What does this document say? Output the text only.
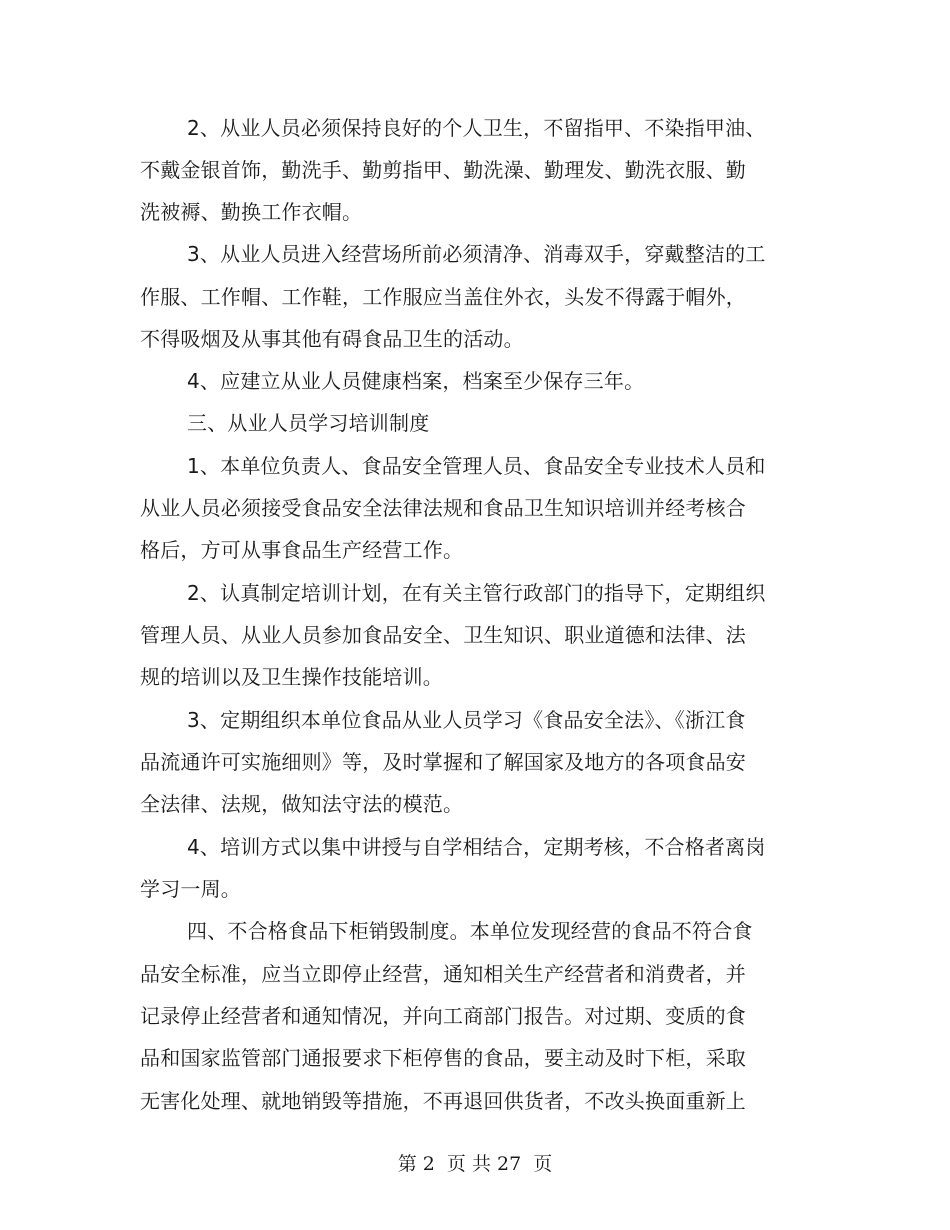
2、从业人员必须保持良好的个人卫生，不留指甲、不染指甲油、
不戴金银首饰，勤洗手、勤剪指甲、勤洗澡、勤理发、勤洗衣服、勤
洗被褥、勤换工作衣帽。
3、从业人员进入经营场所前必须清净、消毒双手，穿戴整洁的工
作服、工作帽、工作鞋，工作服应当盖住外衣，头发不得露于帽外，
不得吸烟及从事其他有碍食品卫生的活动。
4、应建立从业人员健康档案，档案至少保存三年。
三、从业人员学习培训制度
1、本单位负责人、食品安全管理人员、食品安全专业技术人员和
从业人员必须接受食品安全法律法规和食品卫生知识培训并经考核合
格后，方可从事食品生产经营工作。
2、认真制定培训计划，在有关主管行政部门的指导下，定期组织
管理人员、从业人员参加食品安全、卫生知识、职业道德和法律、法
规的培训以及卫生操作技能培训。
3、定期组织本单位食品从业人员学习《食品安全法》、《浙江食
品流通许可实施细则》等，及时掌握和了解国家及地方的各项食品安
全法律、法规，做知法守法的模范。
4、培训方式以集中讲授与自学相结合，定期考核，不合格者离岗
学习一周。
四、不合格食品下柜销毁制度。本单位发现经营的食品不符合食
品安全标准，应当立即停止经营，通知相关生产经营者和消费者，并
记录停止经营者和通知情况，并向工商部门报告。对过期、变质的食
品和国家监管部门通报要求下柜停售的食品，要主动及时下柜，采取
无害化处理、就地销毁等措施，不再退回供货者，不改头换面重新上
第 2  页 共 27  页
